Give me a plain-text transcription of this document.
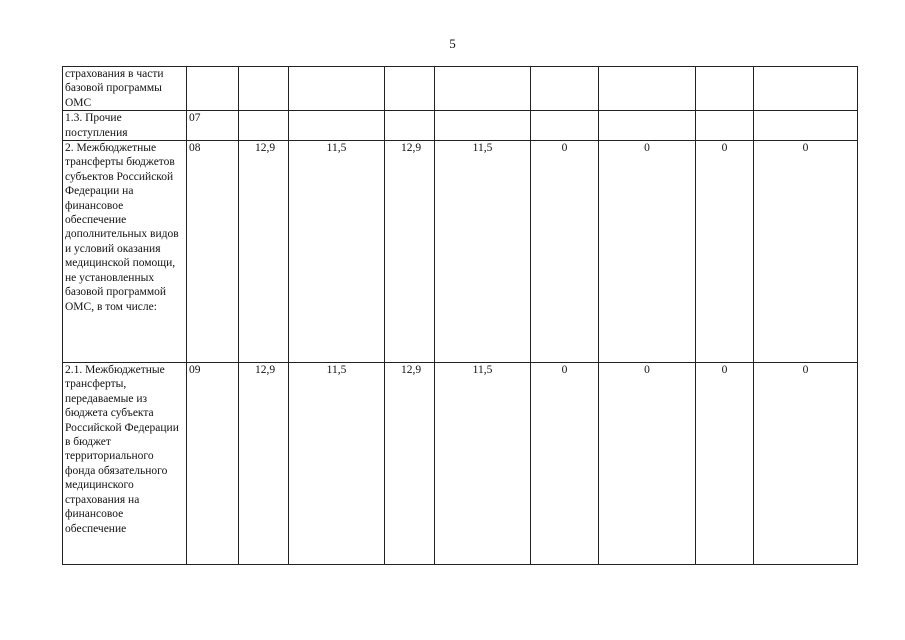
5
страхования в части базовой программы ОМС									
1.3. Прочие поступления	07								
2. Межбюджетные трансферты бюджетов субъектов Российской Федерации на финансовое обеспечение дополнительных видов и условий оказания медицинской помощи, не установленных базовой программой ОМС, в том числе:	08	12,9	11,5	12,9	11,5	0	0	0	0
2.1. Межбюджетные трансферты, передаваемые из бюджета субъекта Российской Федерации в бюджет территориального фонда обязательного медицинского страхования на финансовое обеспечение	09	12,9	11,5	12,9	11,5	0	0	0	0
